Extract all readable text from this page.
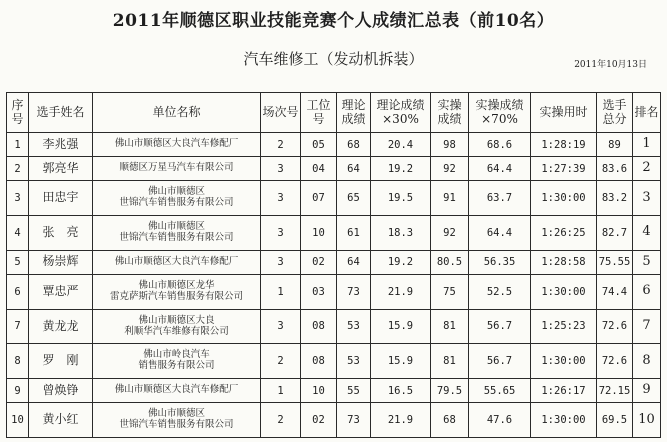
2011年顺德区职业技能竞赛个人成绩汇总表（前10名）
汽车维修工（发动机拆装）	2011年10月13日
序号	选手姓名	单位名称	场次号	工位号	理论成绩	理论成绩×30%	实操成绩	实操成绩×70%	实操用时	选手总分	排名
1	李兆强	佛山市顺德区大良汽车修配厂	2	05	68	20.4	98	68.6	1:28:19	89	1
2	郭亮华	顺德区万星马汽车有限公司	3	04	64	19.2	92	64.4	1:27:39	83.6	2
3	田忠宇	佛山市顺德区
世锦汽车销售服务有限公司	3	07	65	19.5	91	63.7	1:30:00	83.2	3
4	张　亮	佛山市顺德区
世锦汽车销售服务有限公司	3	10	61	18.3	92	64.4	1:26:25	82.7	4
5	杨崇辉	佛山市顺德区大良汽车修配厂	3	02	64	19.2	80.5	56.35	1:28:58	75.55	5
6	覃忠严	佛山市顺德区龙华
雷克萨斯汽车销售服务有限公司	1	03	73	21.9	75	52.5	1:30:00	74.4	6
7	黄龙龙	佛山市顺德区大良
利顺华汽车维修有限公司	3	08	53	15.9	81	56.7	1:25:23	72.6	7
8	罗　刚	佛山市岭良汽车
销售服务有限公司	2	08	53	15.9	81	56.7	1:30:00	72.6	8
9	曾焕铮	佛山市顺德区大良汽车修配厂	1	10	55	16.5	79.5	55.65	1:26:17	72.15	9
10	黄小红	佛山市顺德区
世锦汽车销售服务有限公司	2	02	73	21.9	68	47.6	1:30:00	69.5	10
